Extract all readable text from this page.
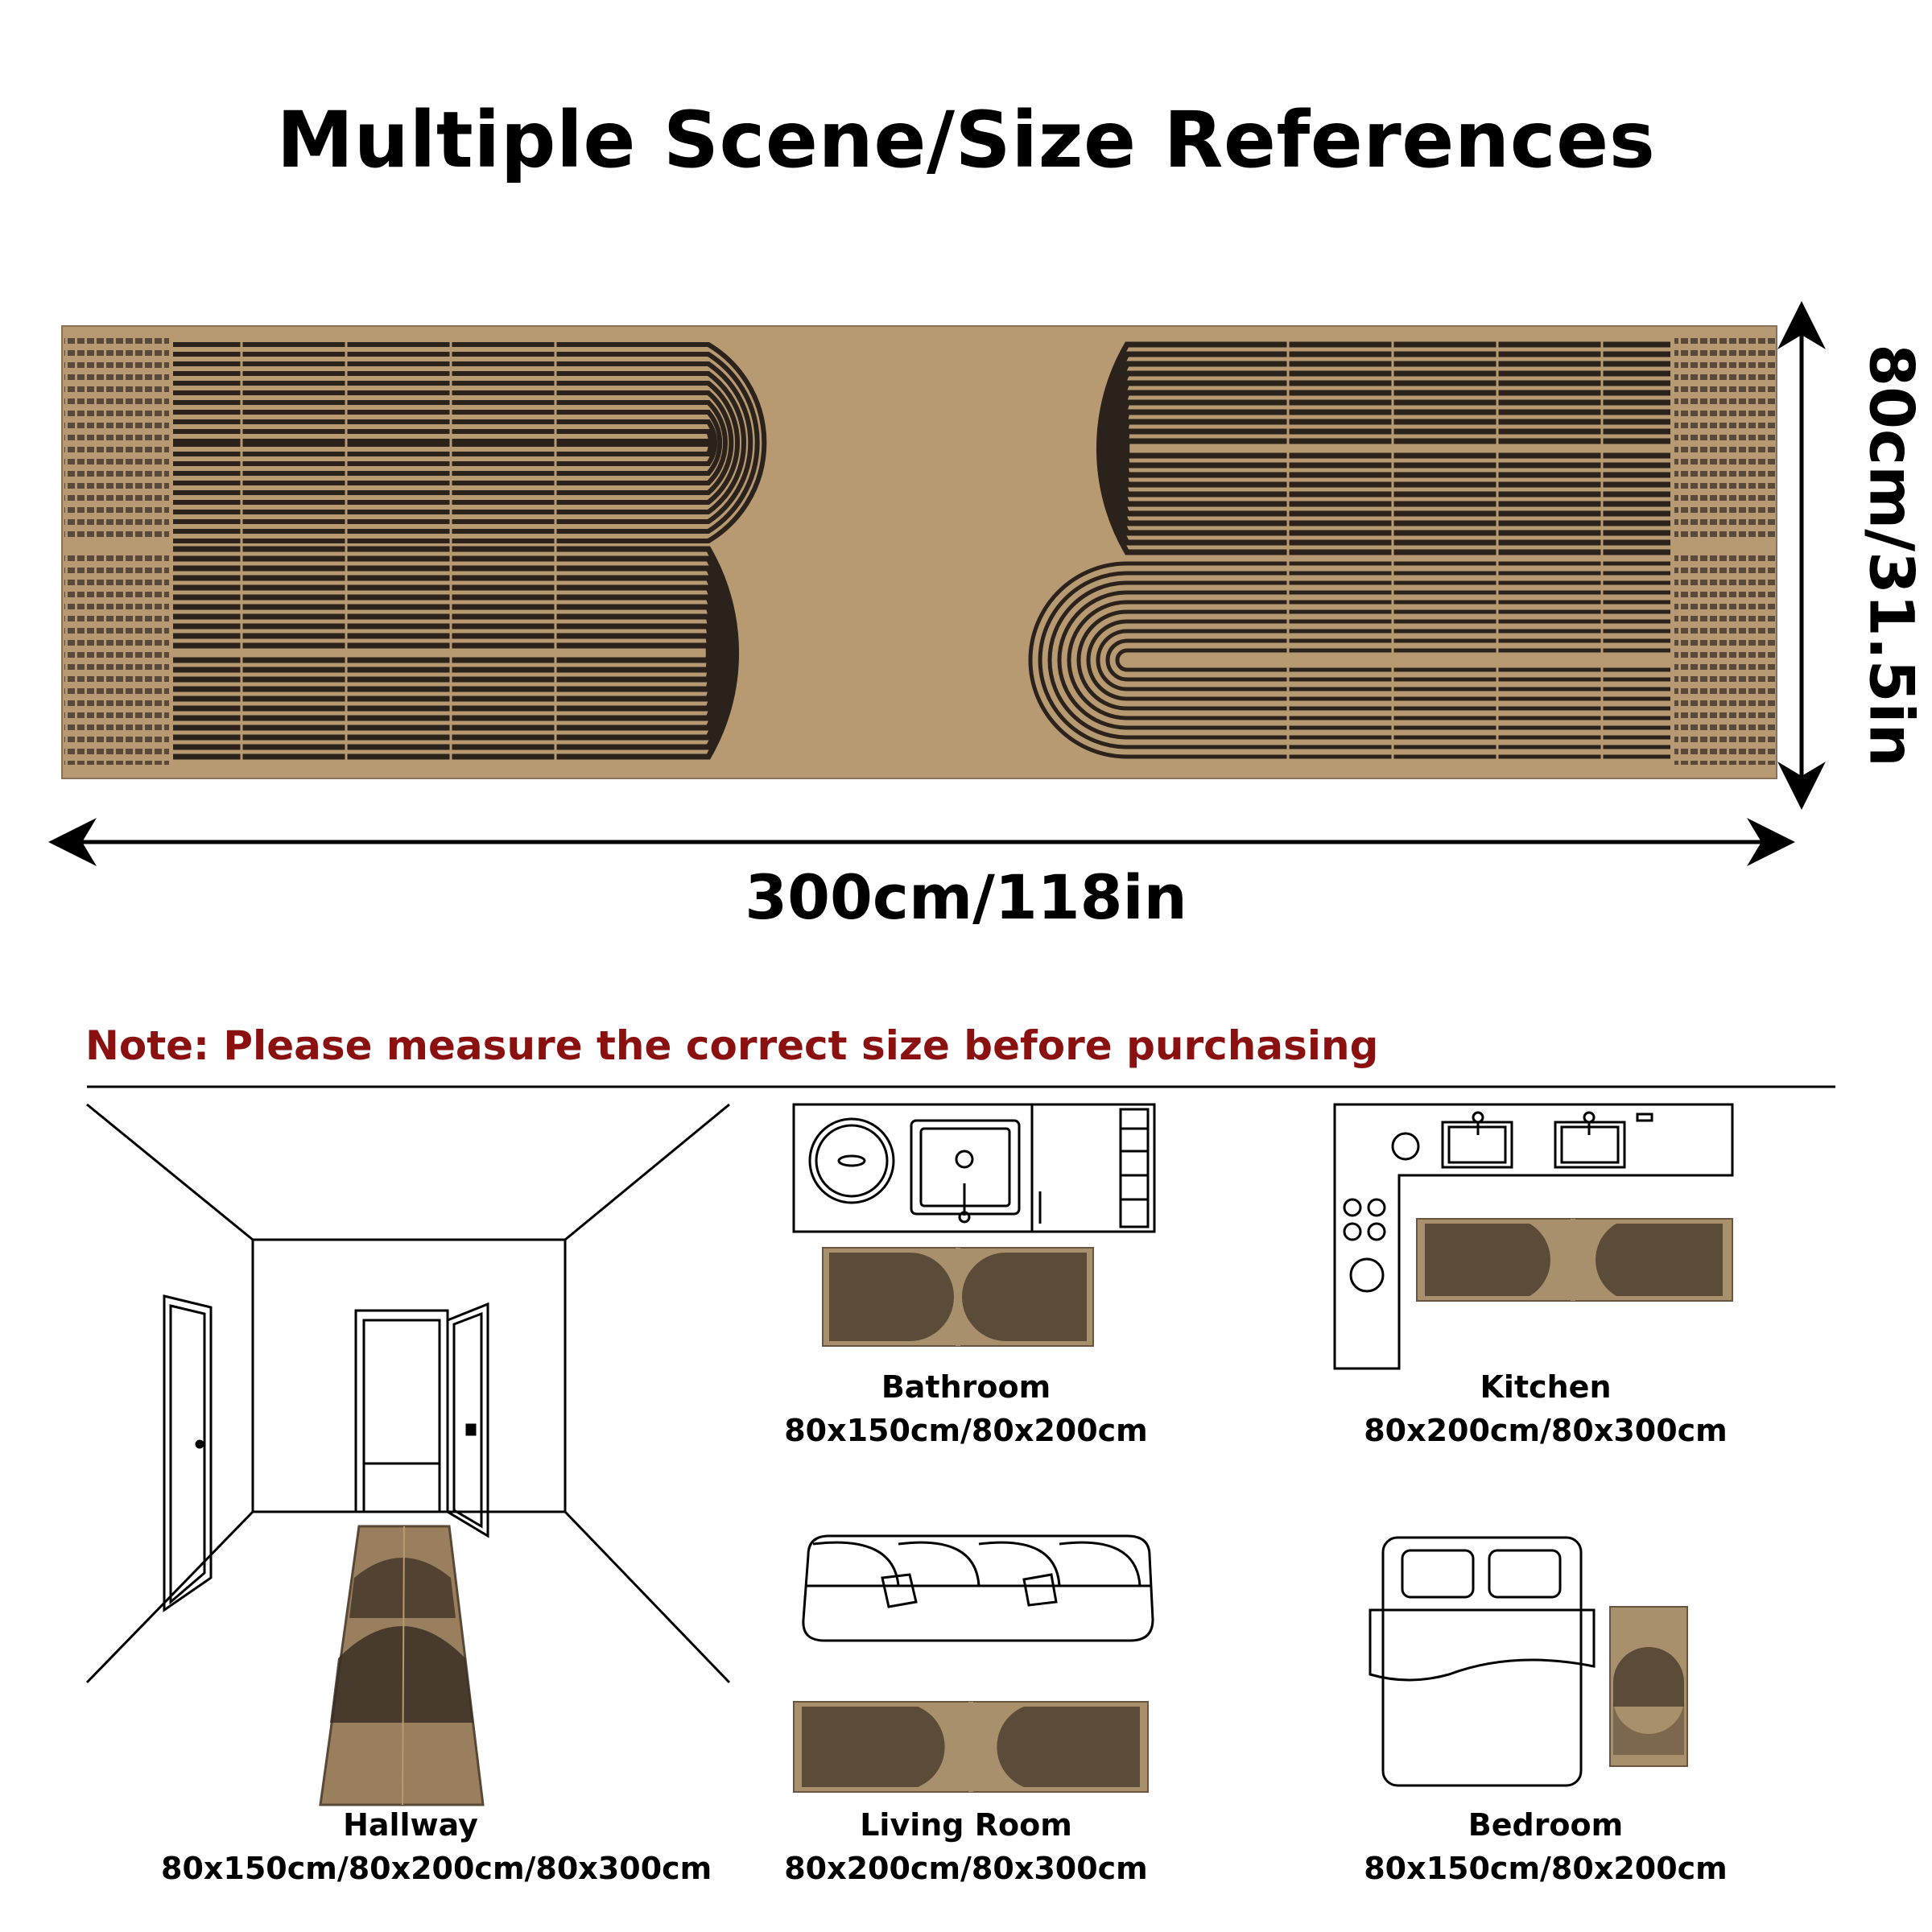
Multiple Scene/Size References
300cm/118in
80cm/31.5in
Note: Please measure the correct size before purchasing
Hallway
80x150cm/80x200cm/80x300cm
Bathroom
80x150cm/80x200cm
Kitchen
80x200cm/80x300cm
Living Room
80x200cm/80x300cm
Bedroom
80x150cm/80x200cm
